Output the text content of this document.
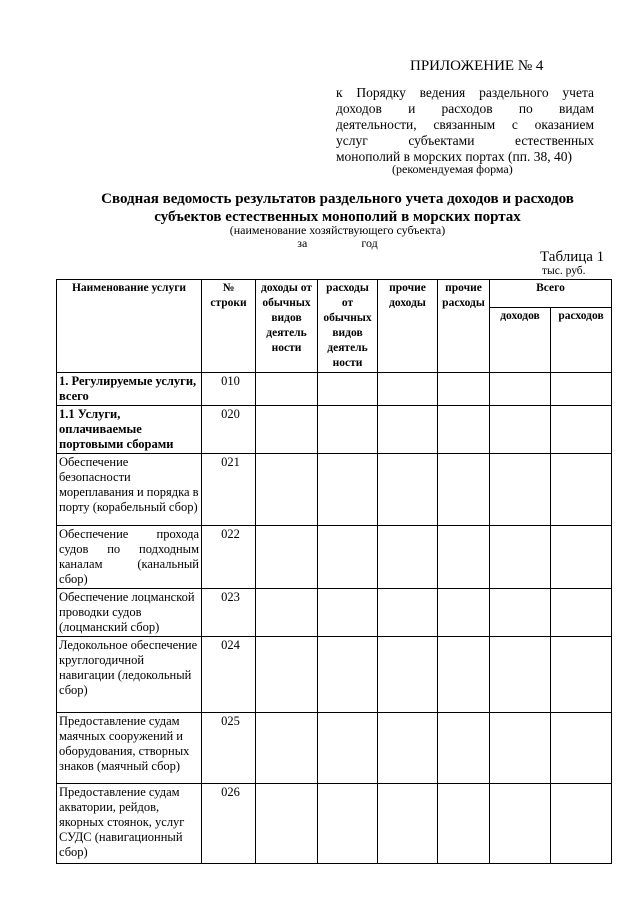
ПРИЛОЖЕНИЕ № 4
к Порядку ведения раздельного учета
доходов и расходов по видам
деятельности, связанным с оказанием
услуг субъектами естественных
монополий в морских портах (пп. 38, 40)
(рекомендуемая форма)
Сводная ведомость результатов раздельного учета доходов и расходов
субъектов естественных монополий в морских портах
(наименование хозяйствующего субъекта)
за	год
Таблица 1
тыс. руб.
Наименование услуги	№ строки	доходы от обычных видов деятель ности	расходы от обычных видов деятель ности	прочие доходы	прочие расходы	Всего	
						доходов	расходов
1. Регулируемые услуги, всего	010						
1.1 Услуги, оплачиваемые портовыми сборами	020						
Обеспечение безопасности мореплавания и порядка в порту (корабельный сбор)	021						
Обеспечение прохода судов по подходным каналам (канальный сбор)	022						
Обеспечение лоцманской проводки судов (лоцманский сбор)	023						
Ледокольное обеспечение круглогодичной навигации (ледокольный сбор)	024						
Предоставление судам маячных сооружений и оборудования, створных знаков (маячный сбор)	025						
Предоставление судам акватории, рейдов, якорных стоянок, услуг СУДС (навигационный сбор)	026						
